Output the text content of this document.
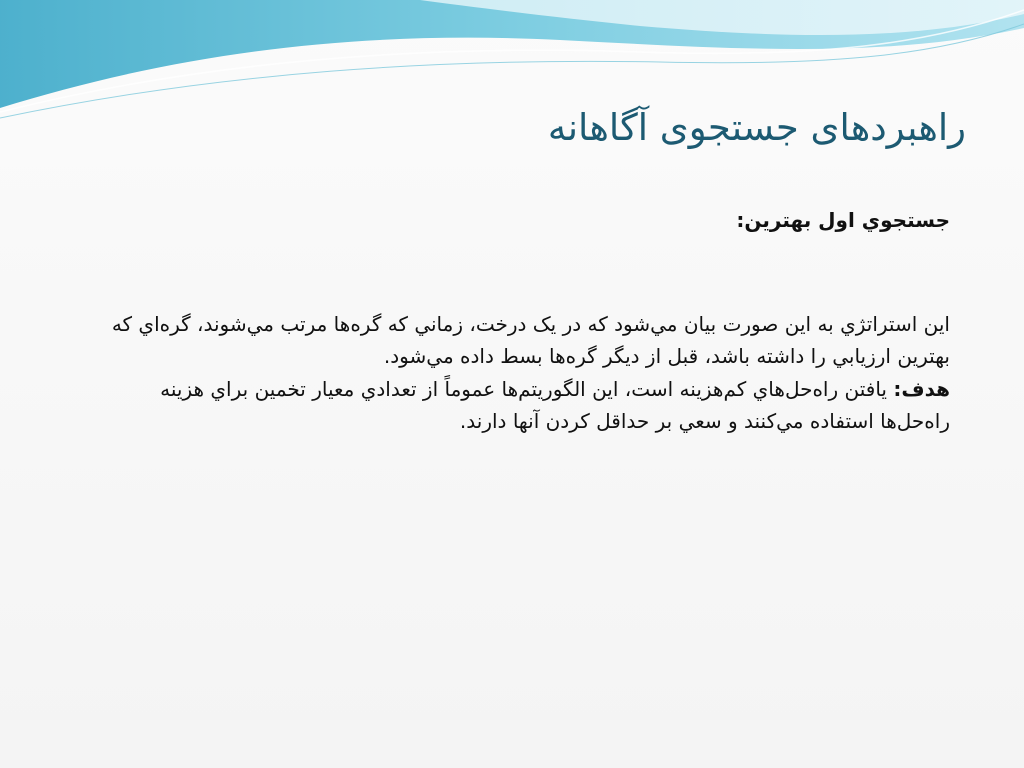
راهبردهای جستجوی آگاهانه

جستجوي اول بهترين:

اين استراتژي به اين صورت بيان مي‌شود که در يک درخت، زماني که گره‌ها مرتب مي‌شوند، گره‌اي که بهترين ارزيابي را داشته باشد، قبل از ديگر گره‌ها بسط داده مي‌شود.

هدف: يافتن راه‌حل‌هاي کم‌هزينه است، اين الگوريتم‌ها عموماً از تعدادي معيار تخمين براي هزينه راه‌حل‌ها استفاده مي‌کنند و سعي بر حداقل کردن آنها دارند.
